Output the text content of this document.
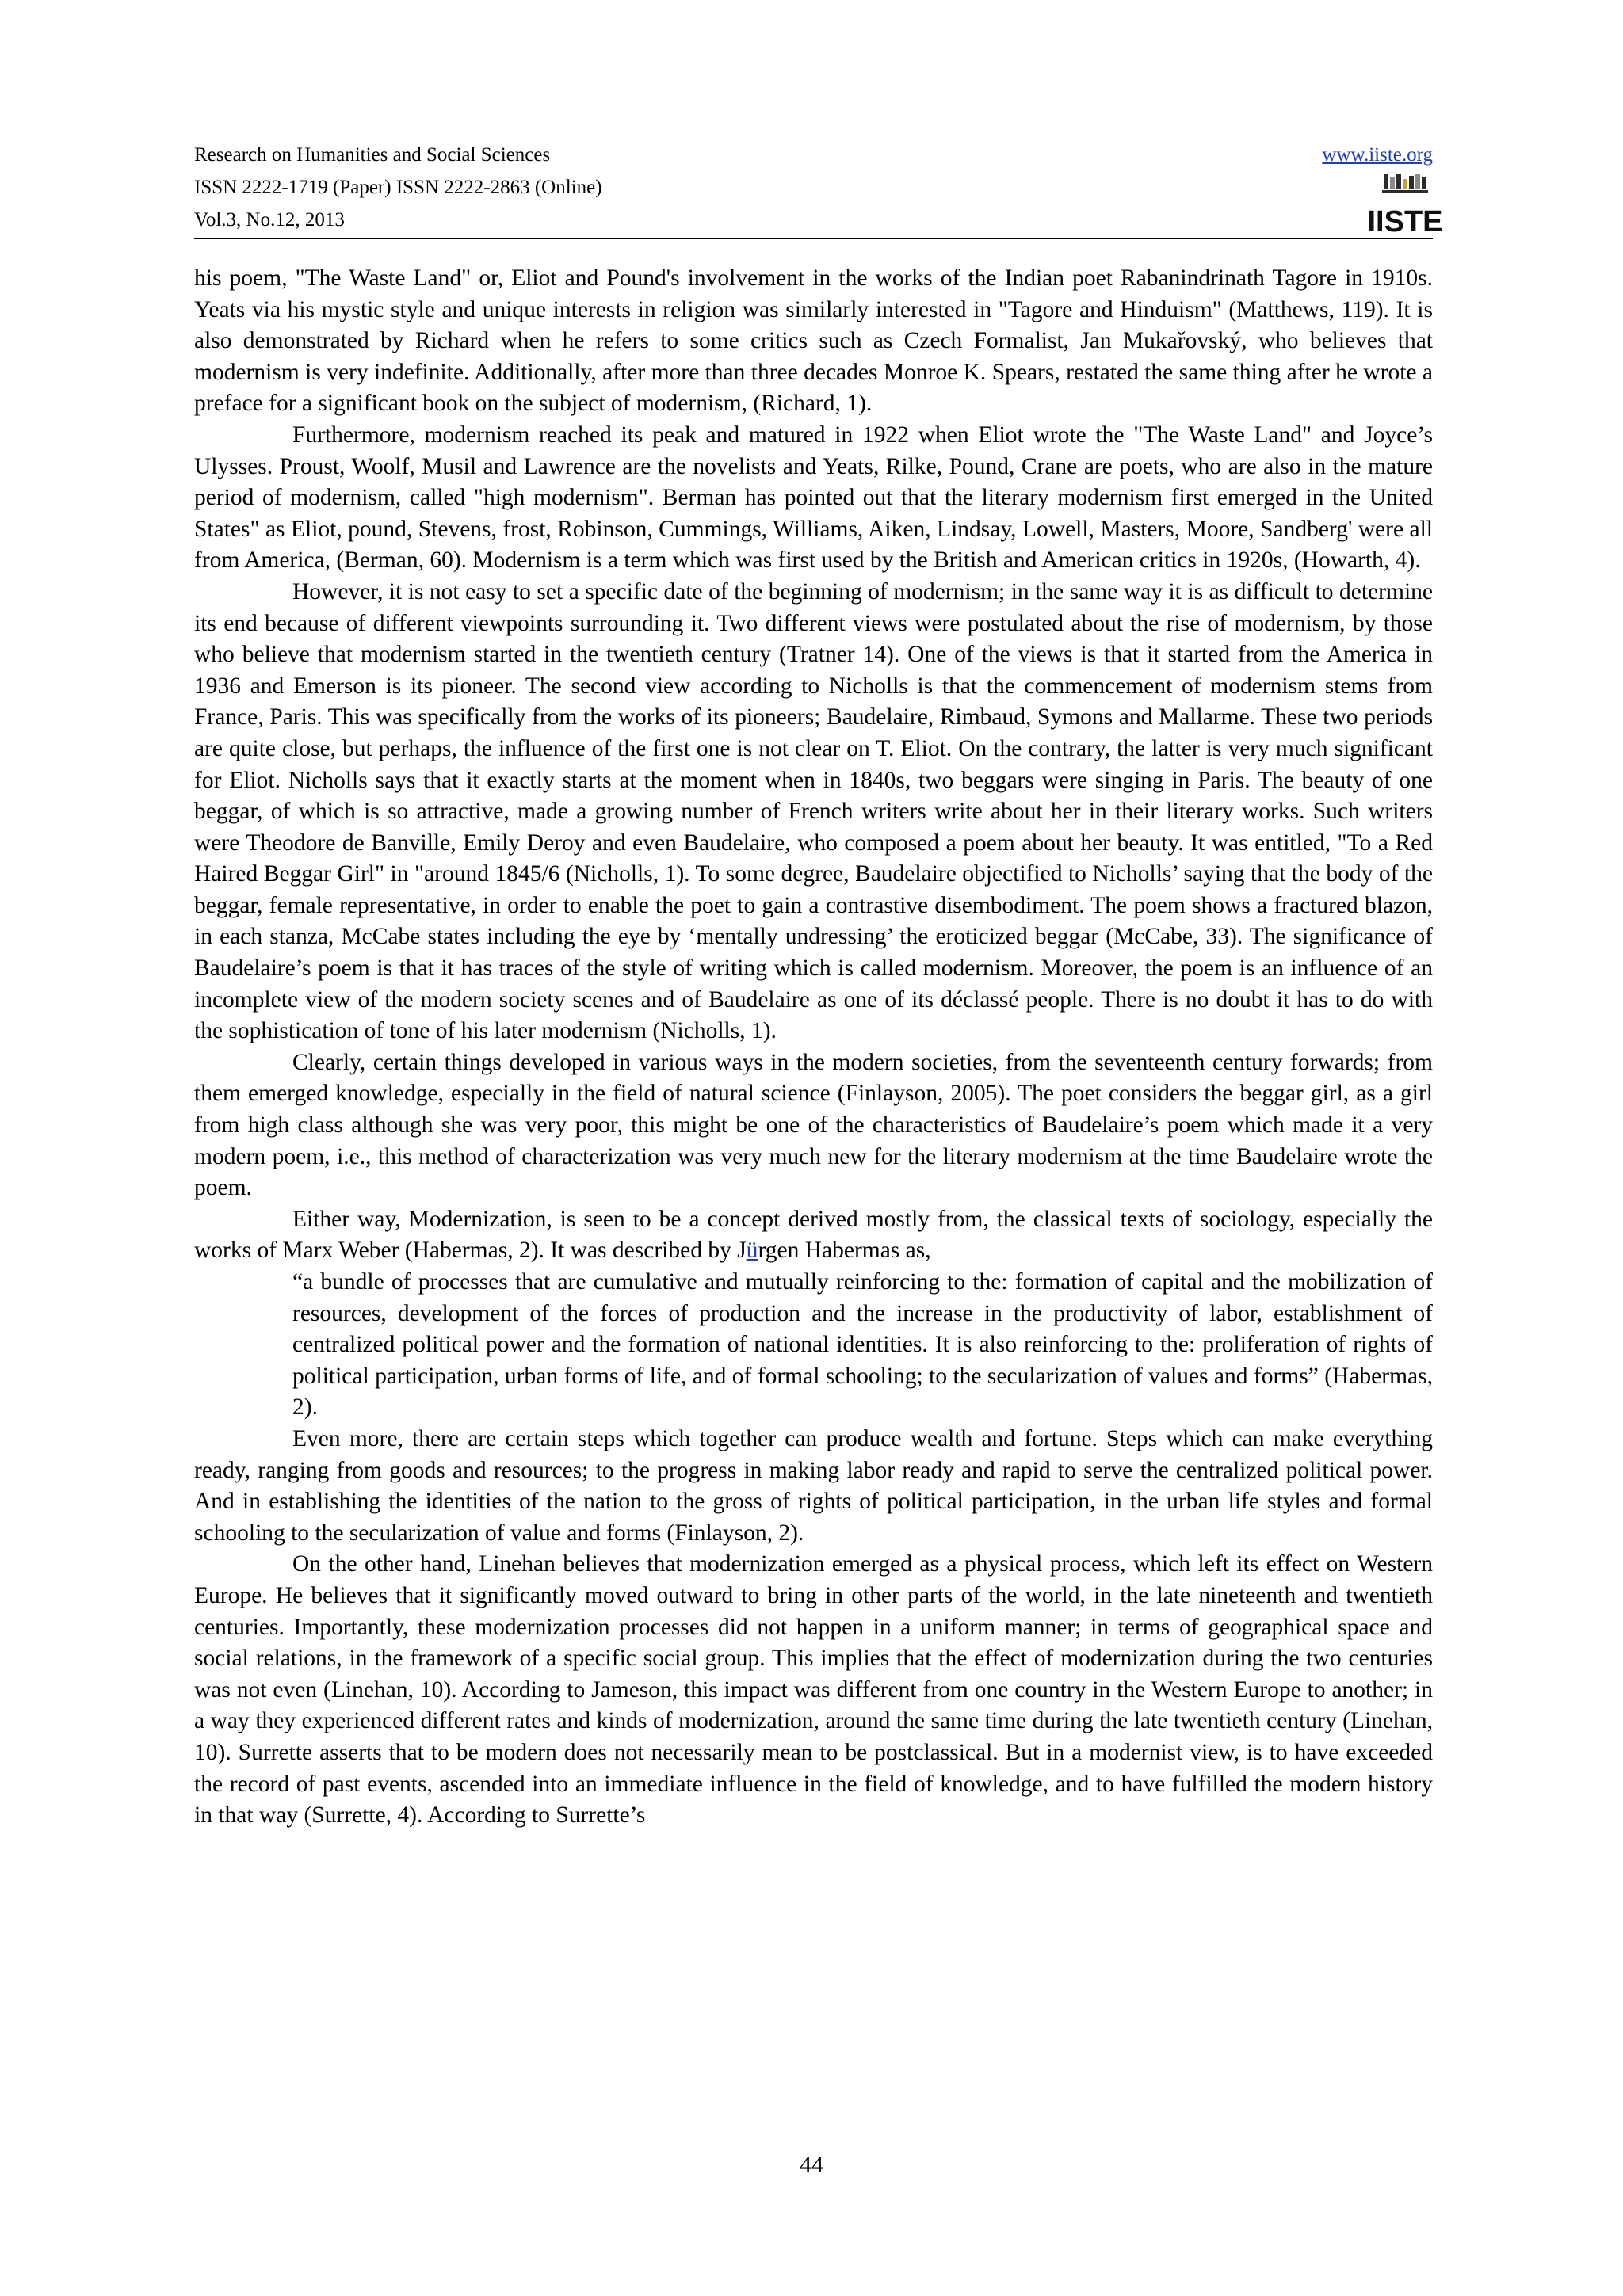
Research on Humanities and Social Sciences
ISSN 2222-1719 (Paper) ISSN 2222-2863 (Online)
Vol.3, No.12, 2013
www.iiste.org
IISTE

his poem, "The Waste Land" or, Eliot and Pound's involvement in the works of the Indian poet Rabanindrinath Tagore in 1910s. Yeats via his mystic style and unique interests in religion was similarly interested in "Tagore and Hinduism" (Matthews, 119). It is also demonstrated by Richard when he refers to some critics such as Czech Formalist, Jan Mukařovský, who believes that modernism is very indefinite. Additionally, after more than three decades Monroe K. Spears, restated the same thing after he wrote a preface for a significant book on the subject of modernism, (Richard, 1).

Furthermore, modernism reached its peak and matured in 1922 when Eliot wrote the "The Waste Land" and Joyce’s Ulysses. Proust, Woolf, Musil and Lawrence are the novelists and Yeats, Rilke, Pound, Crane are poets, who are also in the mature period of modernism, called "high modernism". Berman has pointed out that the literary modernism first emerged in the United States" as Eliot, pound, Stevens, frost, Robinson, Cummings, Williams, Aiken, Lindsay, Lowell, Masters, Moore, Sandberg' were all from America, (Berman, 60). Modernism is a term which was first used by the British and American critics in 1920s, (Howarth, 4).

However, it is not easy to set a specific date of the beginning of modernism; in the same way it is as difficult to determine its end because of different viewpoints surrounding it. Two different views were postulated about the rise of modernism, by those who believe that modernism started in the twentieth century (Tratner 14). One of the views is that it started from the America in 1936 and Emerson is its pioneer. The second view according to Nicholls is that the commencement of modernism stems from France, Paris. This was specifically from the works of its pioneers; Baudelaire, Rimbaud, Symons and Mallarme. These two periods are quite close, but perhaps, the influence of the first one is not clear on T. Eliot. On the contrary, the latter is very much significant for Eliot. Nicholls says that it exactly starts at the moment when in 1840s, two beggars were singing in Paris. The beauty of one beggar, of which is so attractive, made a growing number of French writers write about her in their literary works. Such writers were Theodore de Banville, Emily Deroy and even Baudelaire, who composed a poem about her beauty. It was entitled, "To a Red Haired Beggar Girl" in "around 1845/6 (Nicholls, 1). To some degree, Baudelaire objectified to Nicholls’ saying that the body of the beggar, female representative, in order to enable the poet to gain a contrastive disembodiment. The poem shows a fractured blazon, in each stanza, McCabe states including the eye by ‘mentally undressing’ the eroticized beggar (McCabe, 33). The significance of Baudelaire’s poem is that it has traces of the style of writing which is called modernism. Moreover, the poem is an influence of an incomplete view of the modern society scenes and of Baudelaire as one of its déclassé people. There is no doubt it has to do with the sophistication of tone of his later modernism (Nicholls, 1).

Clearly, certain things developed in various ways in the modern societies, from the seventeenth century forwards; from them emerged knowledge, especially in the field of natural science (Finlayson, 2005). The poet considers the beggar girl, as a girl from high class although she was very poor, this might be one of the characteristics of Baudelaire’s poem which made it a very modern poem, i.e., this method of characterization was very much new for the literary modernism at the time Baudelaire wrote the poem.

Either way, Modernization, is seen to be a concept derived mostly from, the classical texts of sociology, especially the works of Marx Weber (Habermas, 2). It was described by Jürgen Habermas as,

“a bundle of processes that are cumulative and mutually reinforcing to the: formation of capital and the mobilization of resources, development of the forces of production and the increase in the productivity of labor, establishment of centralized political power and the formation of national identities. It is also reinforcing to the: proliferation of rights of political participation, urban forms of life, and of formal schooling; to the secularization of values and forms” (Habermas, 2).

Even more, there are certain steps which together can produce wealth and fortune. Steps which can make everything ready, ranging from goods and resources; to the progress in making labor ready and rapid to serve the centralized political power. And in establishing the identities of the nation to the gross of rights of political participation, in the urban life styles and formal schooling to the secularization of value and forms (Finlayson, 2).

On the other hand, Linehan believes that modernization emerged as a physical process, which left its effect on Western Europe. He believes that it significantly moved outward to bring in other parts of the world, in the late nineteenth and twentieth centuries. Importantly, these modernization processes did not happen in a uniform manner; in terms of geographical space and social relations, in the framework of a specific social group. This implies that the effect of modernization during the two centuries was not even (Linehan, 10). According to Jameson, this impact was different from one country in the Western Europe to another; in a way they experienced different rates and kinds of modernization, around the same time during the late twentieth century (Linehan, 10). Surrette asserts that to be modern does not necessarily mean to be postclassical. But in a modernist view, is to have exceeded the record of past events, ascended into an immediate influence in the field of knowledge, and to have fulfilled the modern history in that way (Surrette, 4). According to Surrette’s

44
